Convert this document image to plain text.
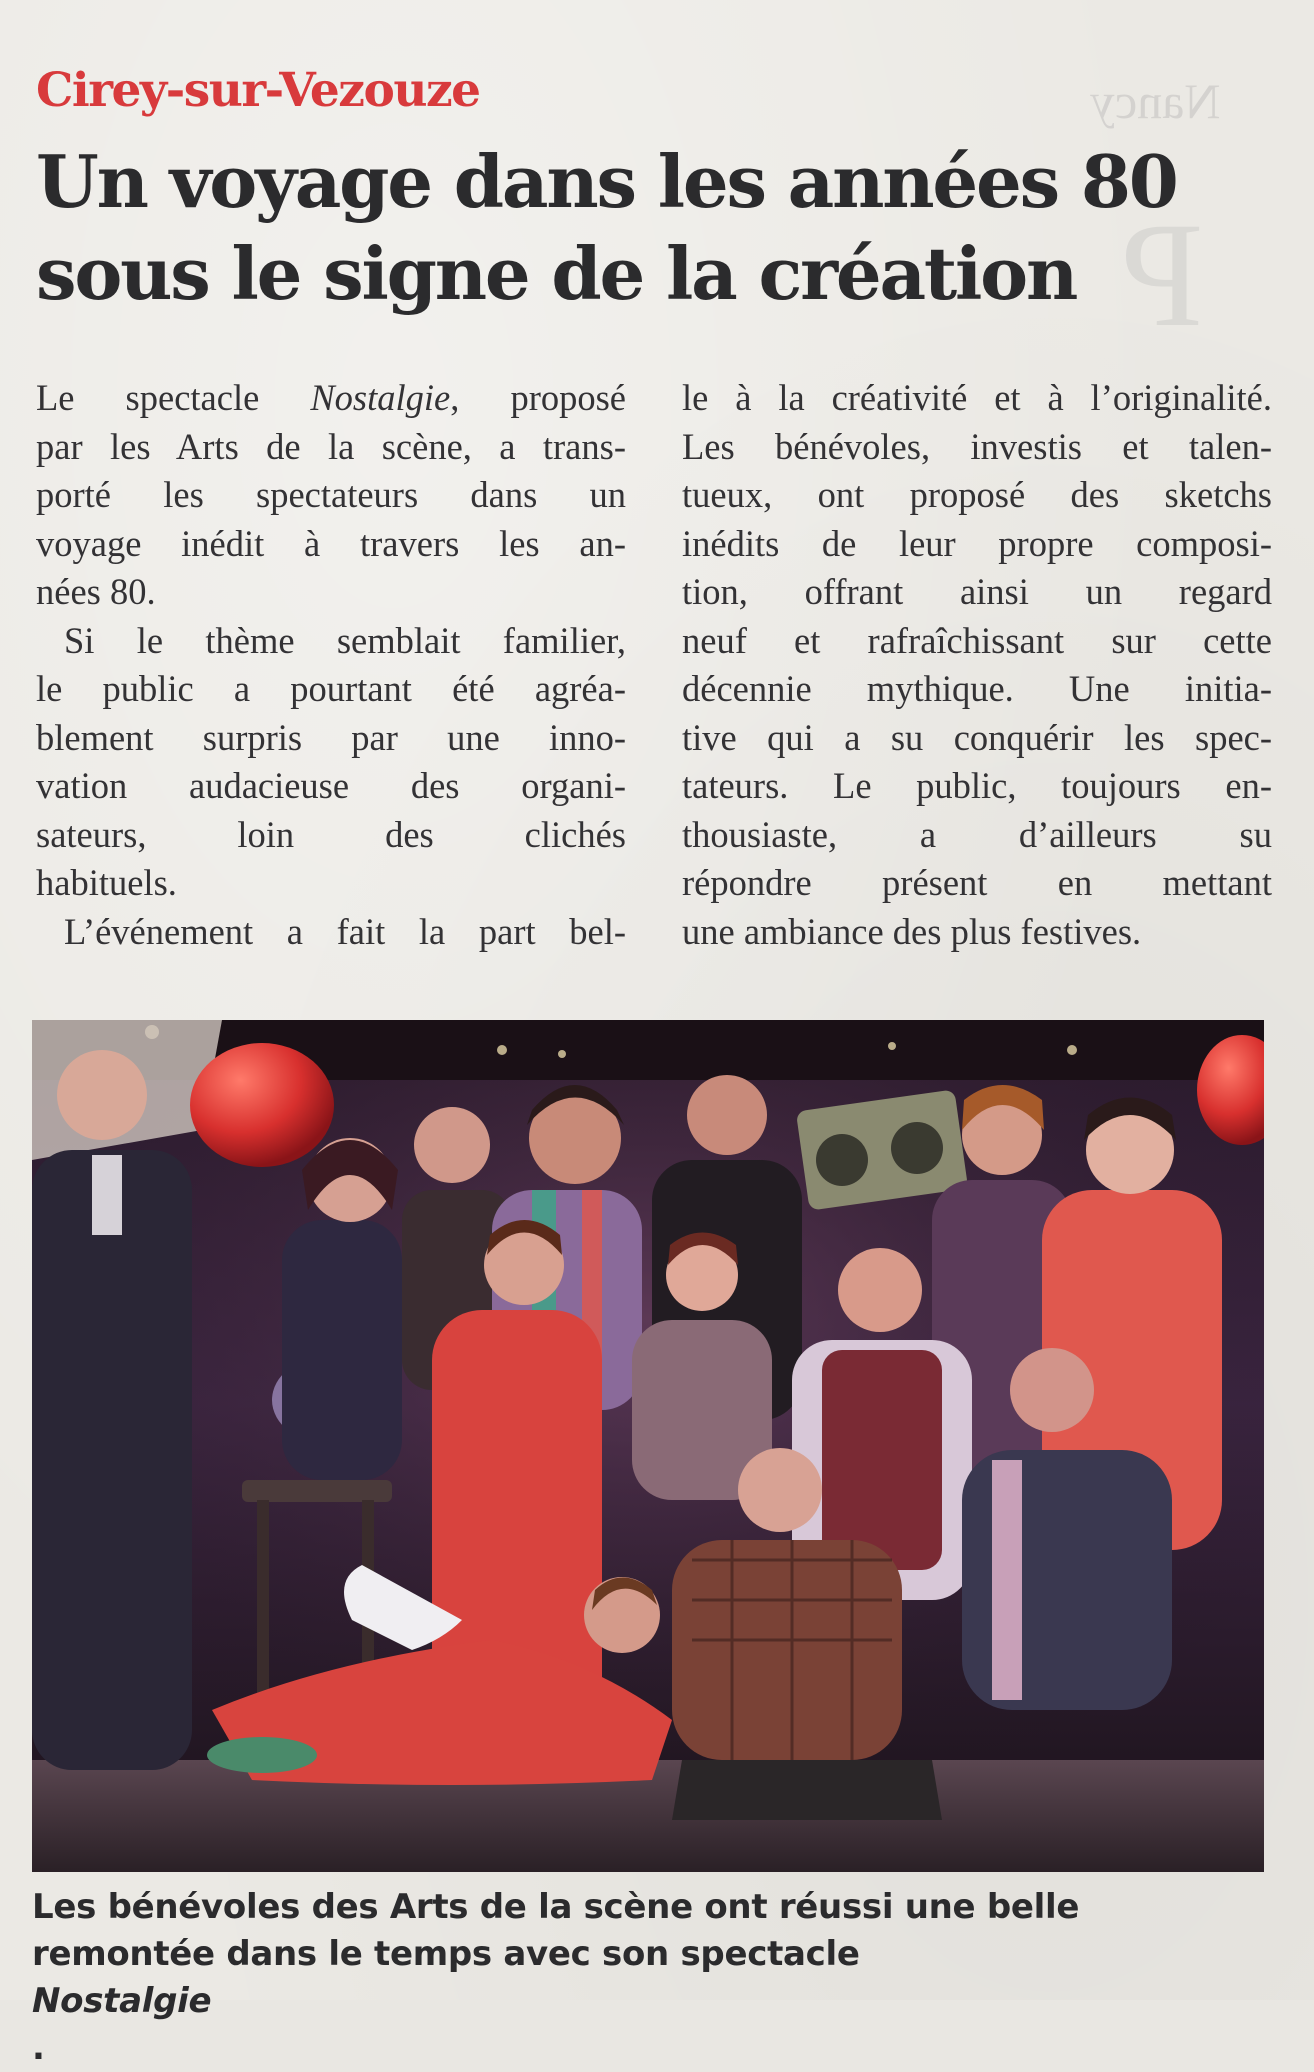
Nancy
P
Cirey-sur-Vezouze
Un voyage dans les années 80
sous le signe de la création
Le spectacle Nostalgie, proposé
par les Arts de la scène, a trans-
porté les spectateurs dans un
voyage inédit à travers les an-
nées 80.
Si le thème semblait familier,
le public a pourtant été agréa-
blement surpris par une inno-
vation audacieuse des organi-
sateurs, loin des clichés
habituels.
L’événement a fait la part bel-
le à la créativité et à l’originalité.
Les bénévoles, investis et talen-
tueux, ont proposé des sketchs
inédits de leur propre composi-
tion, offrant ainsi un regard
neuf et rafraîchissant sur cette
décennie mythique. Une initia-
tive qui a su conquérir les spec-
tateurs. Le public, toujours en-
thousiaste, a d’ailleurs su
répondre présent en mettant
une ambiance des plus festives.
Les bénévoles des Arts de la scène ont réussi une belle
remontée dans le temps avec son spectacle
Nostalgie
.
